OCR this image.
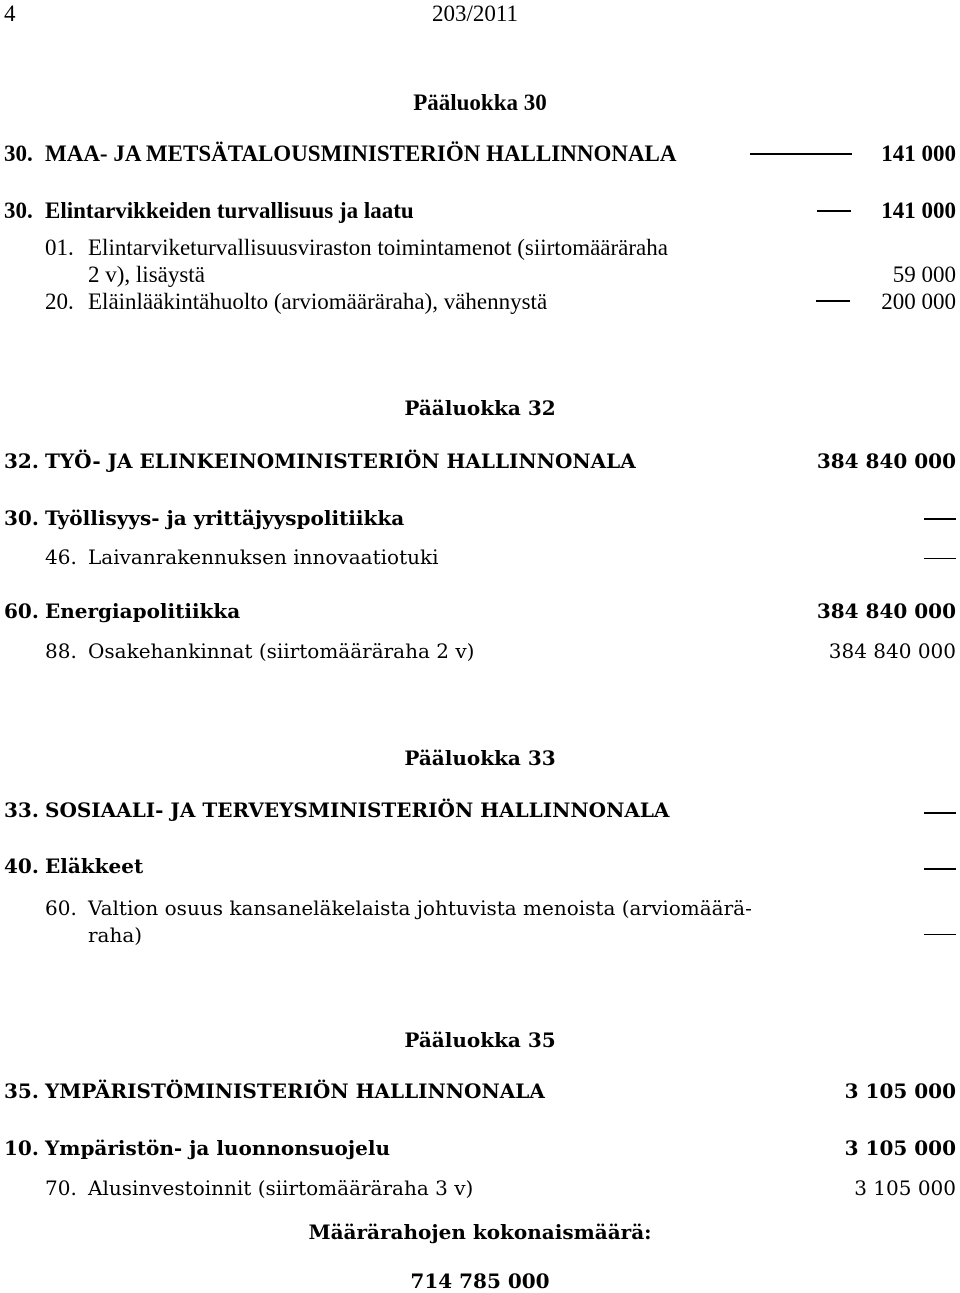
4	203/2011
Pääluokka 30
30. MAA- JA METSÄTALOUSMINISTERIÖN HALLINNONALA	141 000
30. Elintarvikkeiden turvallisuus ja laatu	141 000
01. Elintarviketurvallisuusviraston toimintamenot (siirtomääräraha
2 v), lisäystä	59 000
20. Eläinlääkintähuolto (arviomääräraha), vähennystä	200 000
Pääluokka 32
32. TYÖ- JA ELINKEINOMINISTERIÖN HALLINNONALA	384 840 000
30. Työllisyys- ja yrittäjyyspolitiikka
46. Laivanrakennuksen innovaatiotuki
60. Energiapolitiikka	384 840 000
88. Osakehankinnat (siirtomääräraha 2 v)	384 840 000
Pääluokka 33
33. SOSIAALI- JA TERVEYSMINISTERIÖN HALLINNONALA
40. Eläkkeet
60. Valtion osuus kansaneläkelaista johtuvista menoista (arviomäärä-
raha)
Pääluokka 35
35. YMPÄRISTÖMINISTERIÖN HALLINNONALA	3 105 000
10. Ympäristön- ja luonnonsuojelu	3 105 000
70. Alusinvestoinnit (siirtomääräraha 3 v)	3 105 000
Määrärahojen kokonaismäärä:
714 785 000
